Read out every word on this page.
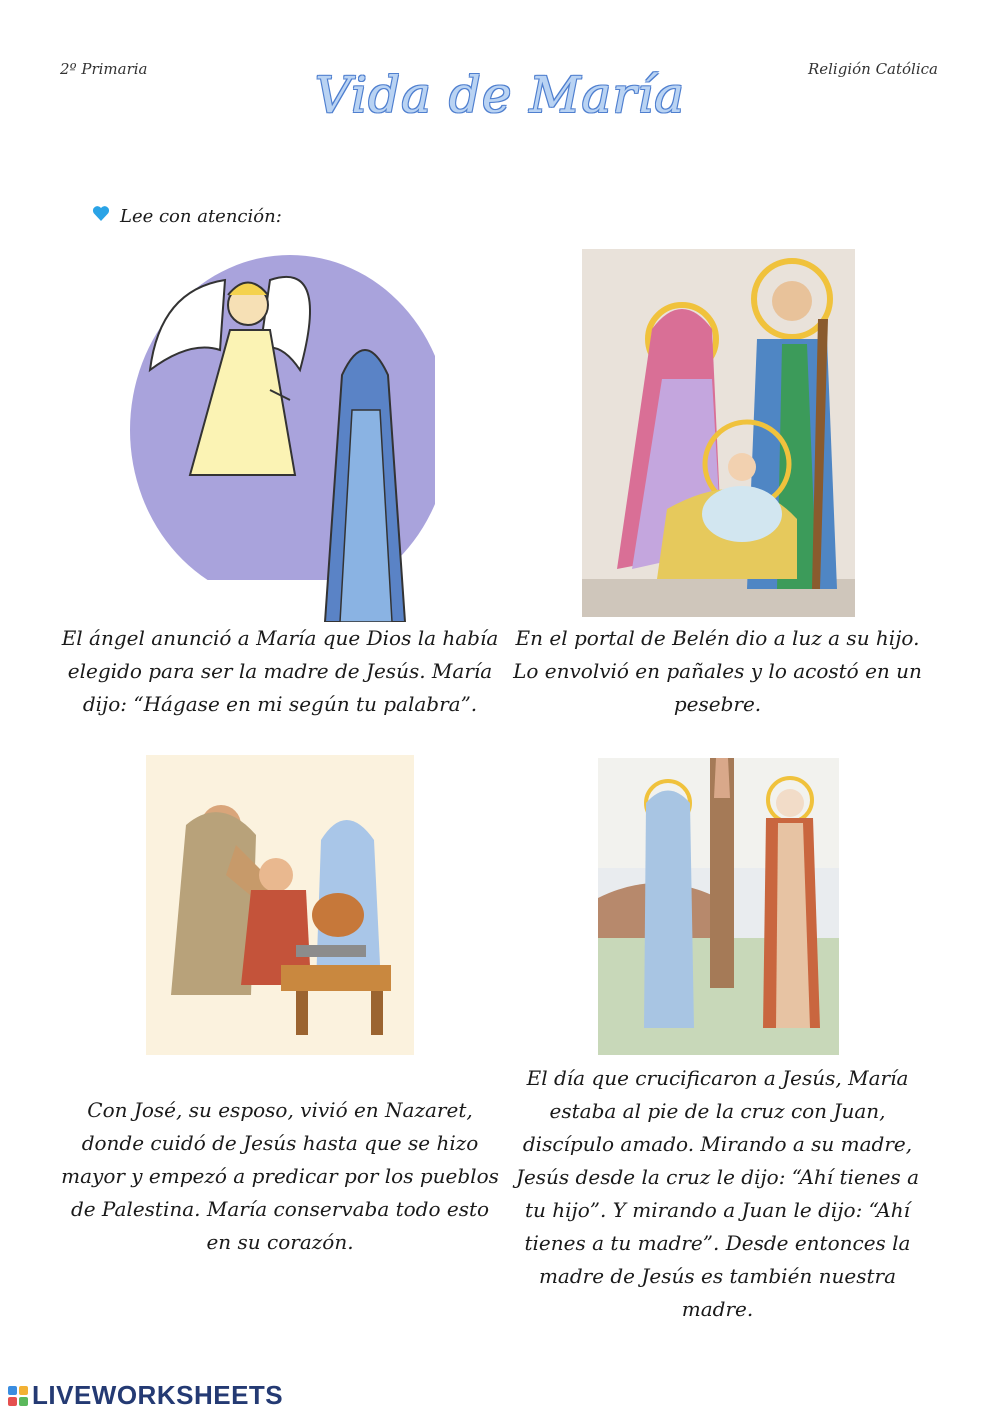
2º Primaria	Religión Católica
Vida de María
Lee con atención:
El ángel anunció a María que Dios la había elegido para ser la madre de Jesús. María dijo: “Hágase en mi según tu palabra”.
En el portal de Belén dio a luz a su hijo. Lo envolvió en pañales y lo acostó en un pesebre.
Con José, su esposo, vivió en Nazaret, donde cuidó de Jesús hasta que se hizo mayor y empezó a predicar por los pueblos de Palestina. María conservaba todo esto en su corazón.
El día que crucificaron a Jesús, María estaba al pie de la cruz con Juan, discípulo amado. Mirando a su madre, Jesús desde la cruz le dijo: “Ahí tienes a tu hijo”. Y mirando a Juan le dijo: “Ahí tienes a tu madre”. Desde entonces la madre de Jesús es también nuestra madre.
LIVEWORKSHEETS
